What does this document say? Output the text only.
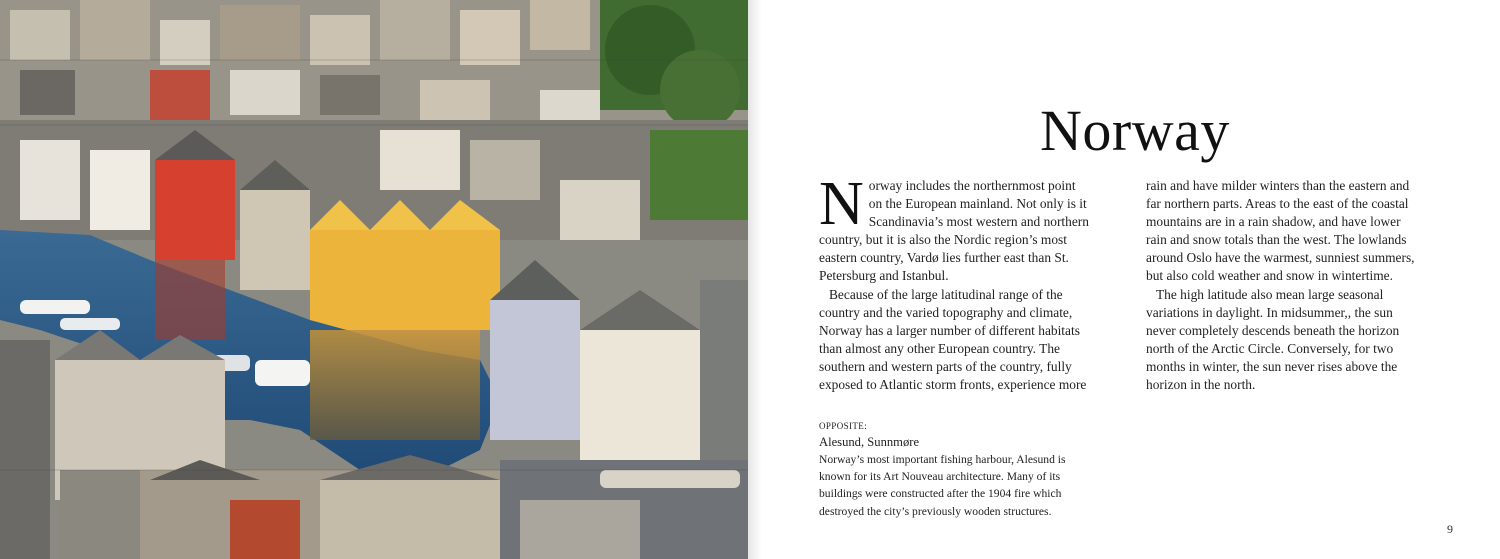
Norway

Norway includes the northernmost point
on the European mainland. Not only is it
Scandinavia’s most western and northern
country, but it is also the Nordic region’s most
eastern country, Vardø lies further east than St.
Petersburg and Istanbul.

Because of the large latitudinal range of the
country and the varied topography and climate,
Norway has a larger number of different habitats
than almost any other European country. The
southern and western parts of the country, fully
exposed to Atlantic storm fronts, experience more

rain and have milder winters than the eastern and
far northern parts. Areas to the east of the coastal
mountains are in a rain shadow, and have lower
rain and snow totals than the west. The lowlands
around Oslo have the warmest, sunniest summers,
but also cold weather and snow in wintertime.

The high latitude also mean large seasonal
variations in daylight. In midsummer,, the sun
never completely descends beneath the horizon
north of the Arctic Circle. Conversely, for two
months in winter, the sun never rises above the
horizon in the north.

OPPOSITE:

Alesund, Sunnmøre

Norway’s most important fishing harbour, Alesund is
known for its Art Nouveau architecture. Many of its
buildings were constructed after the 1904 fire which
destroyed the city’s previously wooden structures.

9
